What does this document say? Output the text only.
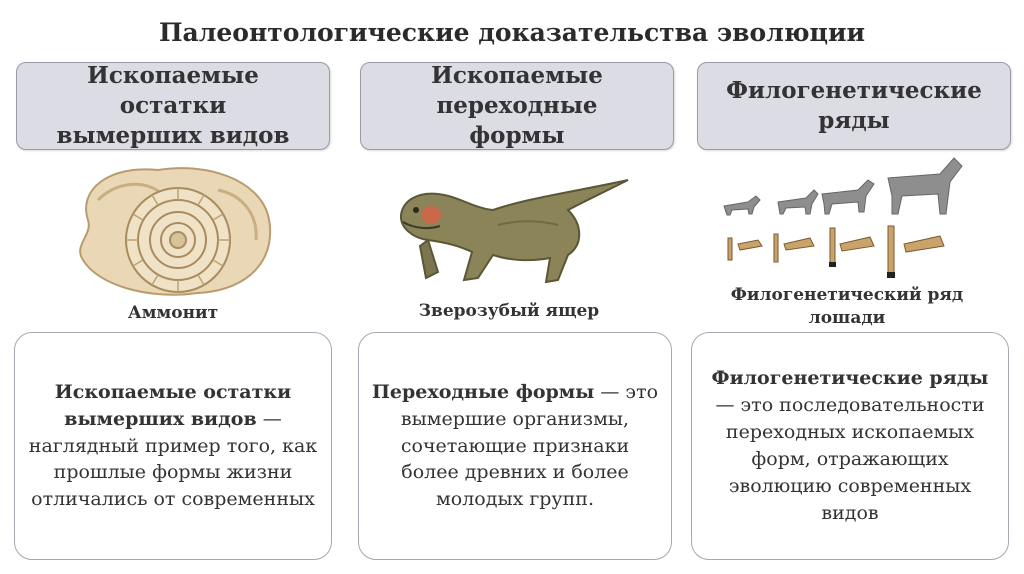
Палеонтологические доказательства эволюции
Ископаемые остатки вымерших видов
Ископаемые переходные формы
Филогенетические ряды
Аммонит	Зверозубый ящер
Филогенетический ряд лошади
Ископаемые остатки вымерших видов — наглядный пример того, как прошлые формы жизни отличались от современных
Переходные формы — это вымершие организмы, сочетающие признаки более древних и более молодых групп.
Филогенетические ряды — это последовательности переходных ископаемых форм, отражающих эволюцию современных видов
